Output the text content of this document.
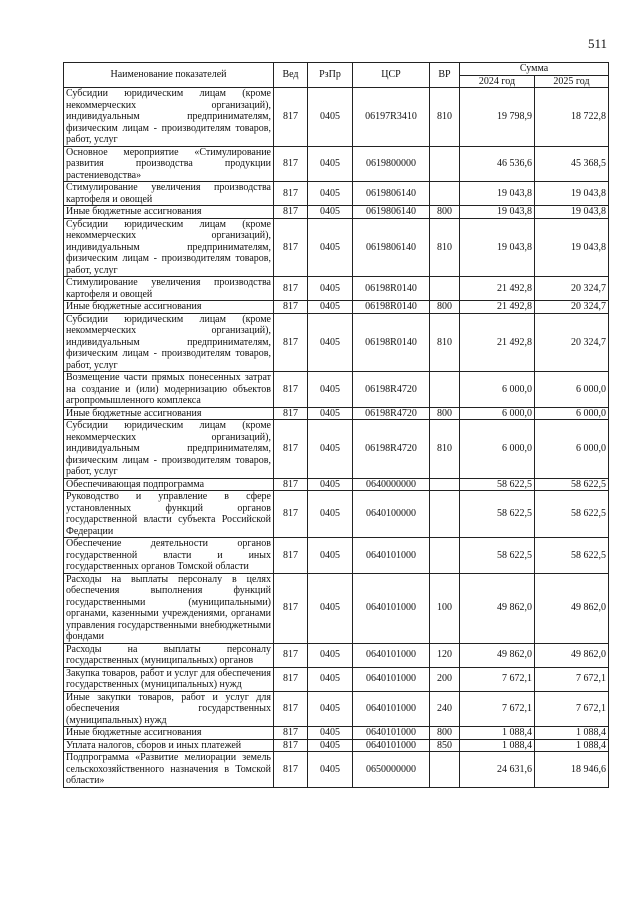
511
Наименование показателей	Вед	РзПр	ЦСР	ВР	Сумма	
					2024 год	2025 год
Субсидии юридическим лицам (кроме некоммерческих организаций), индивидуальным предпринимателям, физическим лицам - производителям товаров, работ, услуг	817	0405	06197R3410	810	19 798,9	18 722,8
Основное мероприятие «Стимулирование развития производства продукции растениеводства»	817	0405	0619800000		46 536,6	45 368,5
Стимулирование увеличения производства картофеля и овощей	817	0405	0619806140		19 043,8	19 043,8
Иные бюджетные ассигнования	817	0405	0619806140	800	19 043,8	19 043,8
Субсидии юридическим лицам (кроме некоммерческих организаций), индивидуальным предпринимателям, физическим лицам - производителям товаров, работ, услуг	817	0405	0619806140	810	19 043,8	19 043,8
Стимулирование увеличения производства картофеля и овощей	817	0405	06198R0140		21 492,8	20 324,7
Иные бюджетные ассигнования	817	0405	06198R0140	800	21 492,8	20 324,7
Субсидии юридическим лицам (кроме некоммерческих организаций), индивидуальным предпринимателям, физическим лицам - производителям товаров, работ, услуг	817	0405	06198R0140	810	21 492,8	20 324,7
Возмещение части прямых понесенных затрат на создание и (или) модернизацию объектов агропромышленного комплекса	817	0405	06198R4720		6 000,0	6 000,0
Иные бюджетные ассигнования	817	0405	06198R4720	800	6 000,0	6 000,0
Субсидии юридическим лицам (кроме некоммерческих организаций), индивидуальным предпринимателям, физическим лицам - производителям товаров, работ, услуг	817	0405	06198R4720	810	6 000,0	6 000,0
Обеспечивающая подпрограмма	817	0405	0640000000		58 622,5	58 622,5
Руководство и управление в сфере установленных функций органов государственной власти субъекта Российской Федерации	817	0405	0640100000		58 622,5	58 622,5
Обеспечение деятельности органов государственной власти и иных государственных органов Томской области	817	0405	0640101000		58 622,5	58 622,5
Расходы на выплаты персоналу в целях обеспечения выполнения функций государственными (муниципальными) органами, казенными учреждениями, органами управления государственными внебюджетными фондами	817	0405	0640101000	100	49 862,0	49 862,0
Расходы на выплаты персоналу государственных (муниципальных) органов	817	0405	0640101000	120	49 862,0	49 862,0
Закупка товаров, работ и услуг для обеспечения государственных (муниципальных) нужд	817	0405	0640101000	200	7 672,1	7 672,1
Иные закупки товаров, работ и услуг для обеспечения государственных (муниципальных) нужд	817	0405	0640101000	240	7 672,1	7 672,1
Иные бюджетные ассигнования	817	0405	0640101000	800	1 088,4	1 088,4
Уплата налогов, сборов и иных платежей	817	0405	0640101000	850	1 088,4	1 088,4
Подпрограмма «Развитие мелиорации земель сельскохозяйственного назначения в Томской области»	817	0405	0650000000		24 631,6	18 946,6
